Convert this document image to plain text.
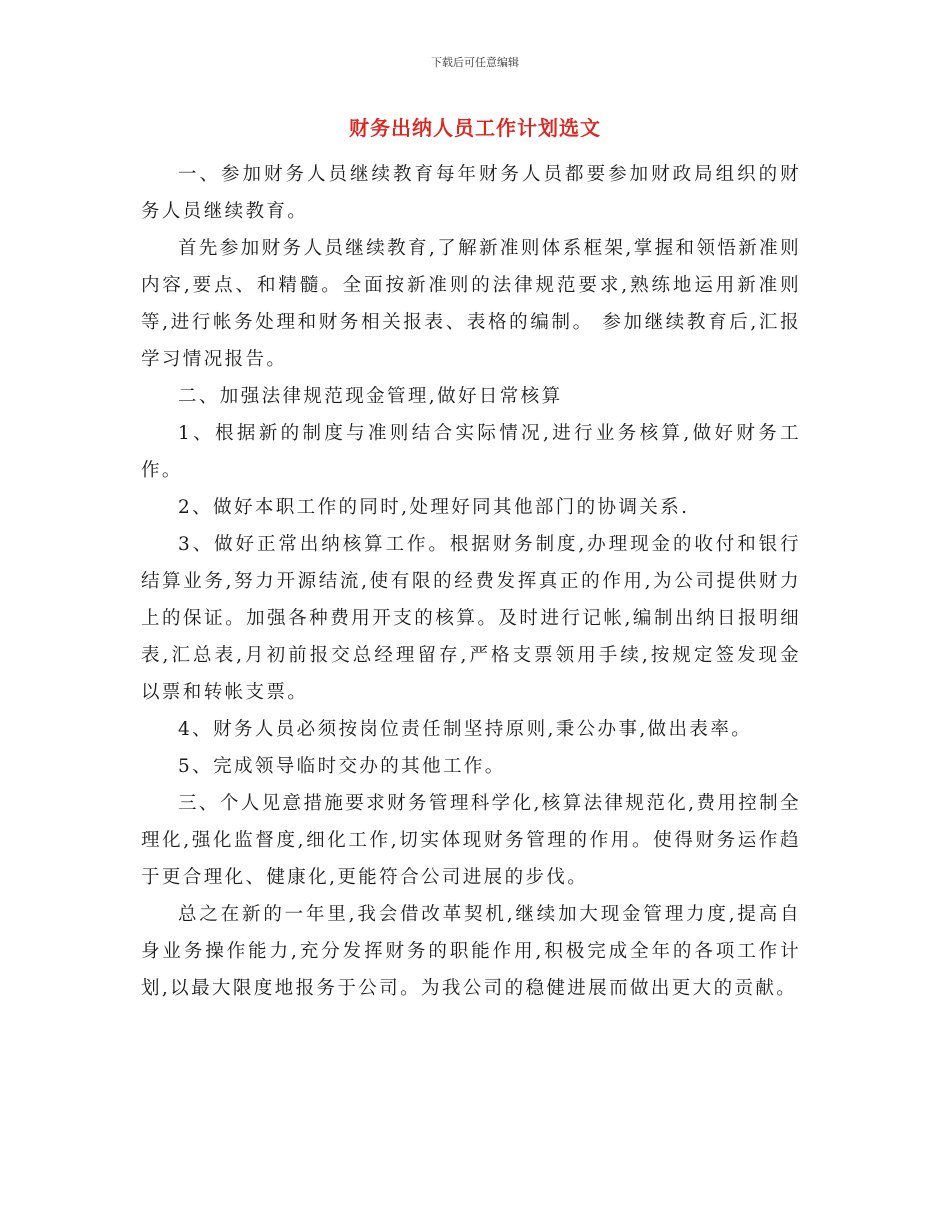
下载后可任意编辑
财务出纳人员工作计划选文

一、参加财务人员继续教育每年财务人员都要参加财政局组织的财务人员继续教育。

首先参加财务人员继续教育,了解新准则体系框架,掌握和领悟新准则内容,要点、和精髓。全面按新准则的法律规范要求,熟练地运用新准则等,进行帐务处理和财务相关报表、表格的编制。 参加继续教育后,汇报学习情况报告。

二、加强法律规范现金管理,做好日常核算

1、根据新的制度与准则结合实际情况,进行业务核算,做好财务工作。

2、做好本职工作的同时,处理好同其他部门的协调关系.

3、做好正常出纳核算工作。根据财务制度,办理现金的收付和银行结算业务,努力开源结流,使有限的经费发挥真正的作用,为公司提供财力上的保证。加强各种费用开支的核算。及时进行记帐,编制出纳日报明细表,汇总表,月初前报交总经理留存,严格支票领用手续,按规定签发现金以票和转帐支票。

4、财务人员必须按岗位责任制坚持原则,秉公办事,做出表率。

5、完成领导临时交办的其他工作。

三、个人见意措施要求财务管理科学化,核算法律规范化,费用控制全理化,强化监督度,细化工作,切实体现财务管理的作用。使得财务运作趋于更合理化、健康化,更能符合公司进展的步伐。

总之在新的一年里,我会借改革契机,继续加大现金管理力度,提高自身业务操作能力,充分发挥财务的职能作用,积极完成全年的各项工作计划,以最大限度地报务于公司。为我公司的稳健进展而做出更大的贡献。
